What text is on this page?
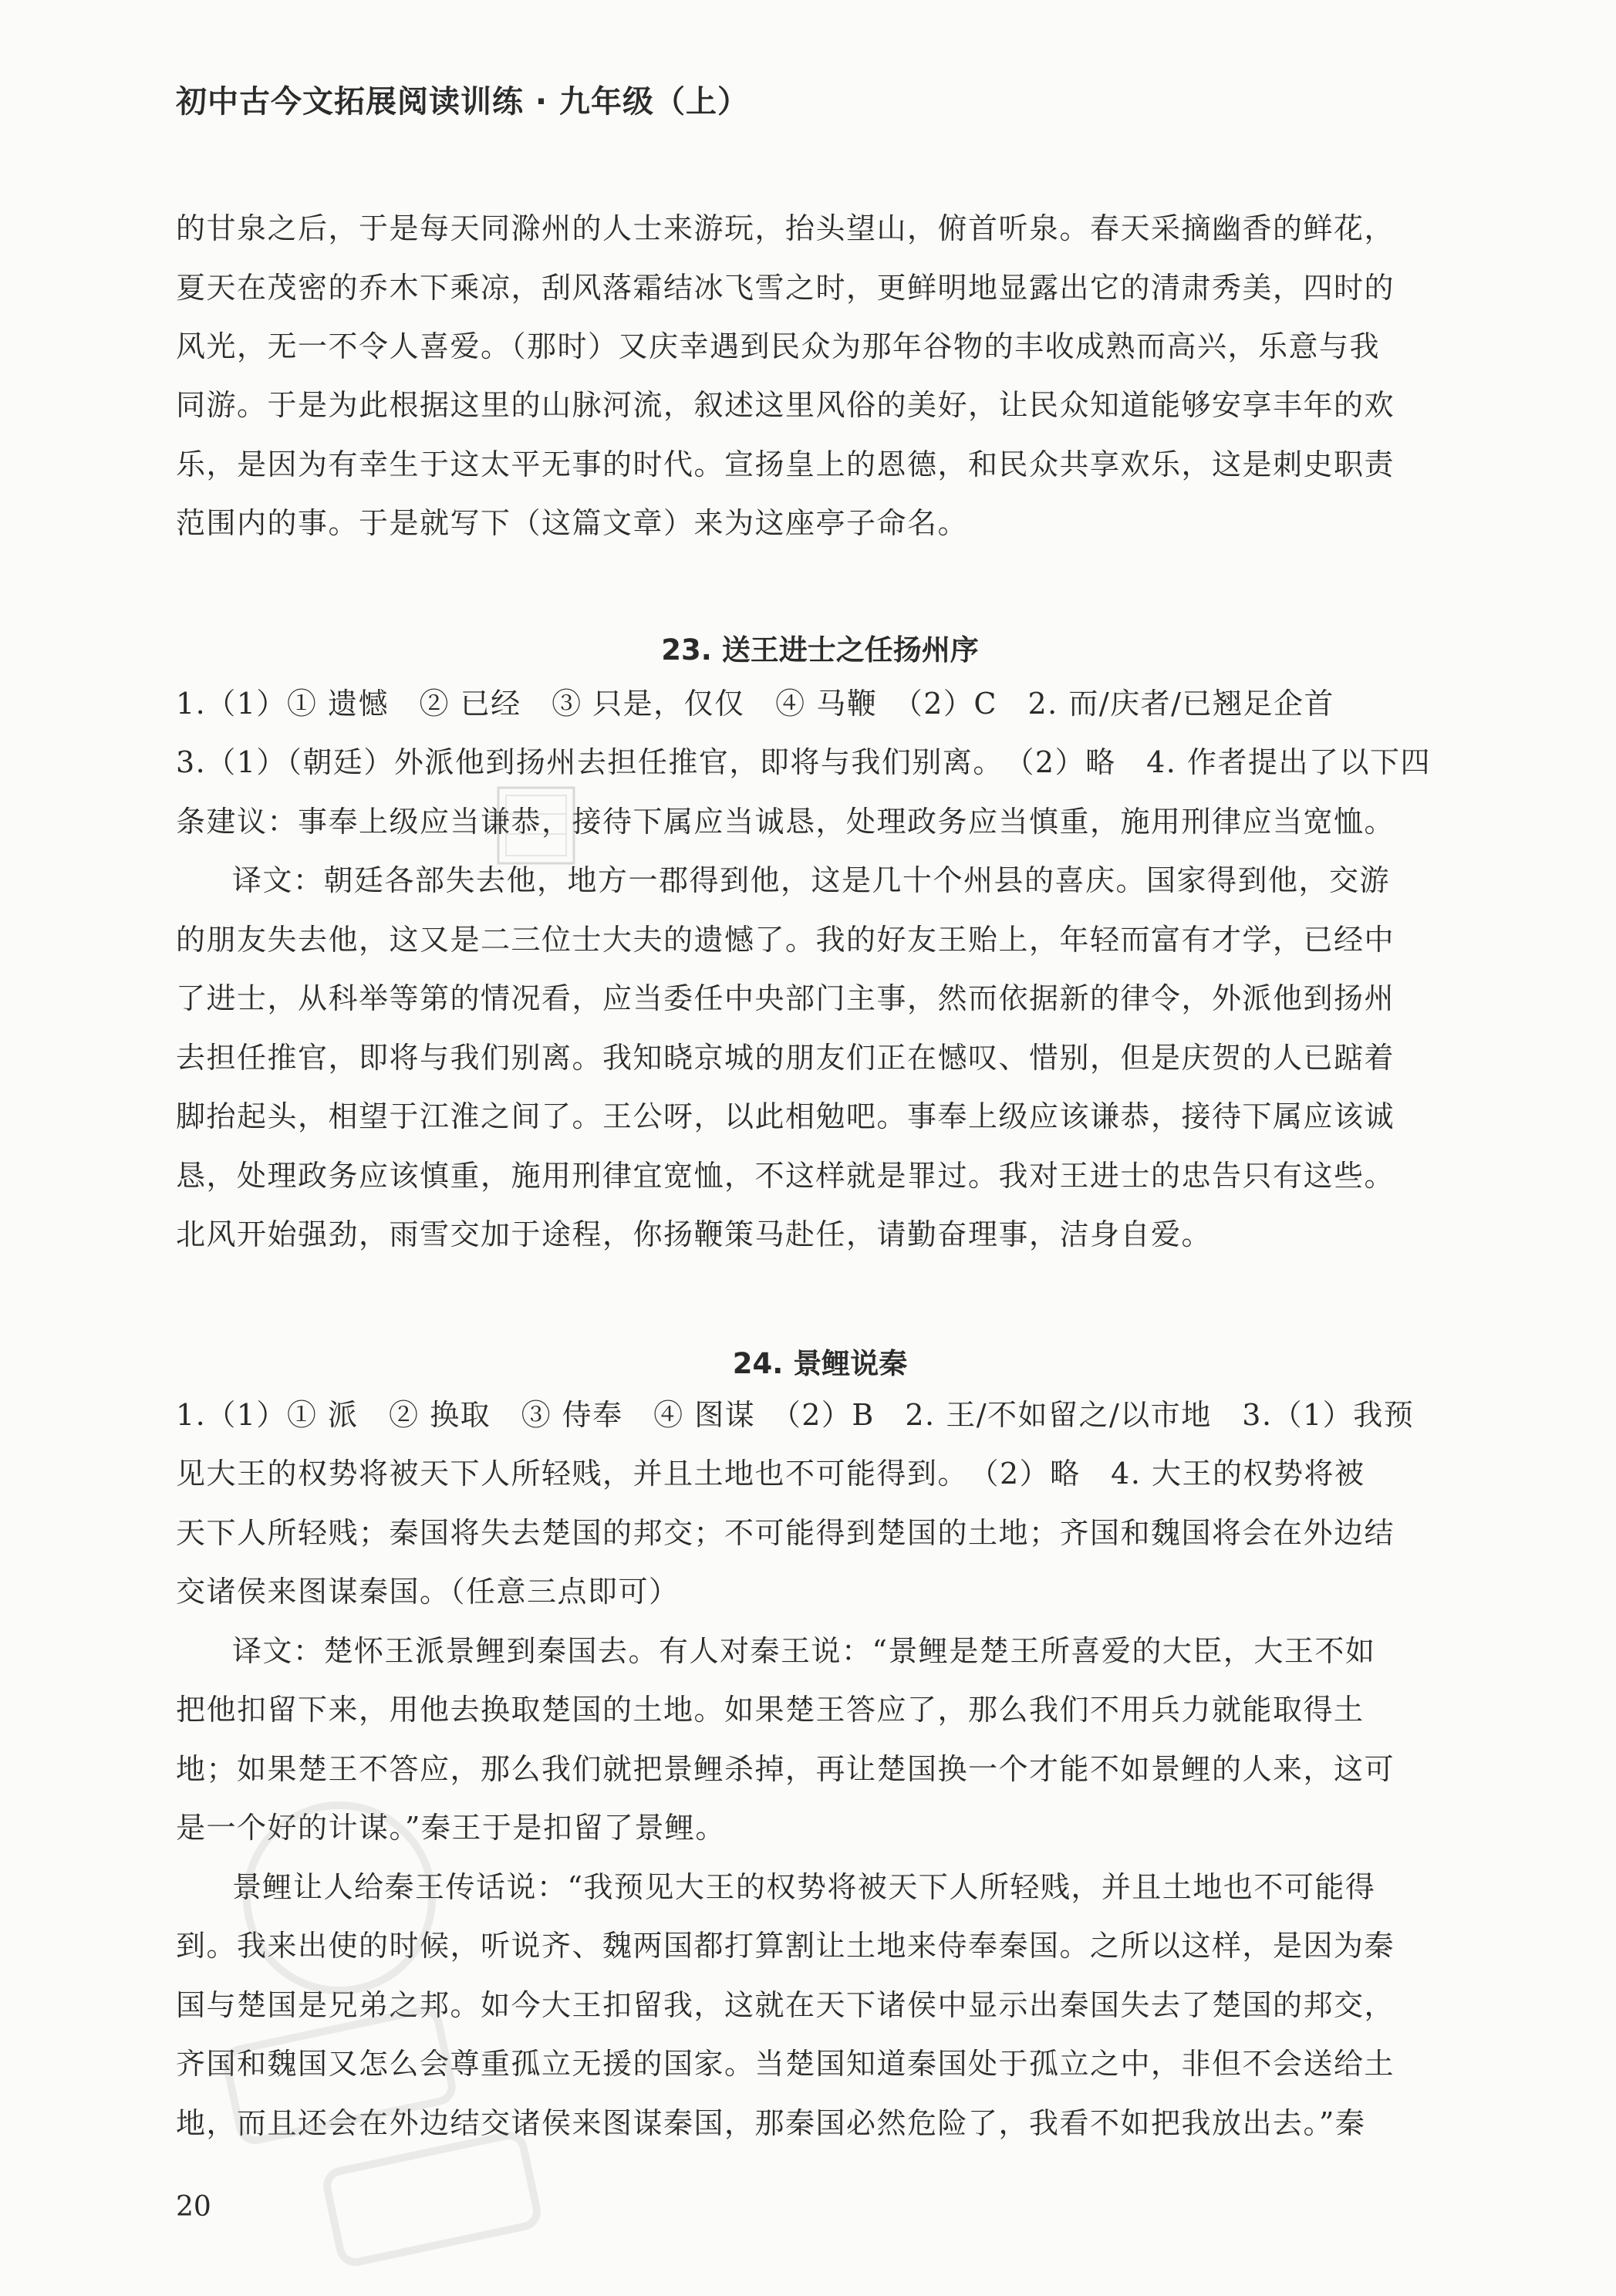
初中古今文拓展阅读训练 · 九年级（上）
的甘泉之后，于是每天同滁州的人士来游玩，抬头望山，俯首听泉。春天采摘幽香的鲜花，
夏天在茂密的乔木下乘凉，刮风落霜结冰飞雪之时，更鲜明地显露出它的清肃秀美，四时的
风光，无一不令人喜爱。（那时）又庆幸遇到民众为那年谷物的丰收成熟而高兴，乐意与我
同游。于是为此根据这里的山脉河流，叙述这里风俗的美好，让民众知道能够安享丰年的欢
乐，是因为有幸生于这太平无事的时代。宣扬皇上的恩德，和民众共享欢乐，这是刺史职责
范围内的事。于是就写下（这篇文章）来为这座亭子命名。
23. 送王进士之任扬州序
1.（1）① 遗憾　② 已经　③ 只是，仅仅　④ 马鞭　（2）C　2. 而/庆者/已翘足企首
3.（1）（朝廷）外派他到扬州去担任推官，即将与我们别离。　（2）略　4. 作者提出了以下四
条建议：事奉上级应当谦恭，接待下属应当诚恳，处理政务应当慎重，施用刑律应当宽恤。
译文：朝廷各部失去他，地方一郡得到他，这是几十个州县的喜庆。国家得到他，交游
的朋友失去他，这又是二三位士大夫的遗憾了。我的好友王贻上，年轻而富有才学，已经中
了进士，从科举等第的情况看，应当委任中央部门主事，然而依据新的律令，外派他到扬州
去担任推官，即将与我们别离。我知晓京城的朋友们正在憾叹、惜别，但是庆贺的人已踮着
脚抬起头，相望于江淮之间了。王公呀，以此相勉吧。事奉上级应该谦恭，接待下属应该诚
恳，处理政务应该慎重，施用刑律宜宽恤，不这样就是罪过。我对王进士的忠告只有这些。
北风开始强劲，雨雪交加于途程，你扬鞭策马赴任，请勤奋理事，洁身自爱。
24. 景鲤说秦
1.（1）① 派　② 换取　③ 侍奉　④ 图谋　（2）B　2. 王/不如留之/以市地　3.（1）我预
见大王的权势将被天下人所轻贱，并且土地也不可能得到。　（2）略　4. 大王的权势将被
天下人所轻贱；秦国将失去楚国的邦交；不可能得到楚国的土地；齐国和魏国将会在外边结
交诸侯来图谋秦国。（任意三点即可）
译文：楚怀王派景鲤到秦国去。有人对秦王说：“景鲤是楚王所喜爱的大臣，大王不如
把他扣留下来，用他去换取楚国的土地。如果楚王答应了，那么我们不用兵力就能取得土
地；如果楚王不答应，那么我们就把景鲤杀掉，再让楚国换一个才能不如景鲤的人来，这可
是一个好的计谋。”秦王于是扣留了景鲤。
景鲤让人给秦王传话说：“我预见大王的权势将被天下人所轻贱，并且土地也不可能得
到。我来出使的时候，听说齐、魏两国都打算割让土地来侍奉秦国。之所以这样，是因为秦
国与楚国是兄弟之邦。如今大王扣留我，这就在天下诸侯中显示出秦国失去了楚国的邦交，
齐国和魏国又怎么会尊重孤立无援的国家。当楚国知道秦国处于孤立之中，非但不会送给土
地，而且还会在外边结交诸侯来图谋秦国，那秦国必然危险了，我看不如把我放出去。”秦
20
